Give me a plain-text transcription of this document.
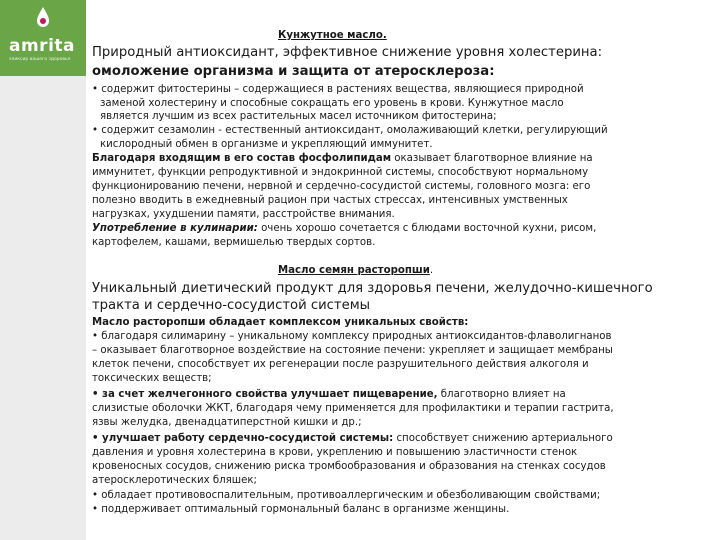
amrita
эликсир вашего здоровья
Кунжутное масло.
Природный антиоксидант, эффективное снижение уровня холестерина:
омоложение организма и защита от атеросклероза:
• содержит фитостерины – содержащиеся в растениях вещества, являющиеся природной
заменой холестерину и способные сокращать его уровень в крови. Кунжутное масло
является лучшим из всех растительных масел источником фитостерина;
• содержит сезамолин - естественный антиоксидант, омолаживающий клетки, регулирующий
кислородный обмен в организме и укрепляющий иммунитет.
Благодаря входящим в его состав фосфолипидам оказывает благотворное влияние на
иммунитет, функции репродуктивной и эндокринной системы, способствуют нормальному
функционированию печени, нервной и сердечно-сосудистой системы, головного мозга: его
полезно вводить в ежедневный рацион при частых стрессах, интенсивных умственных
нагрузках, ухудшении памяти, расстройстве внимания.
Употребление в кулинарии: очень хорошо сочетается с блюдами восточной кухни, рисом,
картофелем, кашами, вермишелью твердых сортов.
Масло семян расторопши.
Уникальный диетический продукт для здоровья печени, желудочно-кишечного
тракта и сердечно-сосудистой системы
Масло расторопши обладает комплексом уникальных свойств:
• благодаря силимарину – уникальному комплексу природных антиоксидантов-флаволигнанов
– оказывает благотворное воздействие на состояние печени: укрепляет и защищает мембраны
клеток печени, способствует их регенерации после разрушительного действия алкоголя и
токсических веществ;
• за счет желчегонного свойства улучшает пищеварение, благотворно влияет на
слизистые оболочки ЖКТ, благодаря чему применяется для профилактики и терапии гастрита,
язвы желудка, двенадцатиперстной кишки и др.;
• улучшает работу сердечно-сосудистой системы: способствует снижению артериального
давления и уровня холестерина в крови, укреплению и повышению эластичности стенок
кровеносных сосудов, снижению риска тромбообразования и образования на стенках сосудов
атеросклеротических бляшек;
• обладает противовоспалительным, противоаллергическим и обезболивающим свойствами;
• поддерживает оптимальный гормональный баланс в организме женщины.
